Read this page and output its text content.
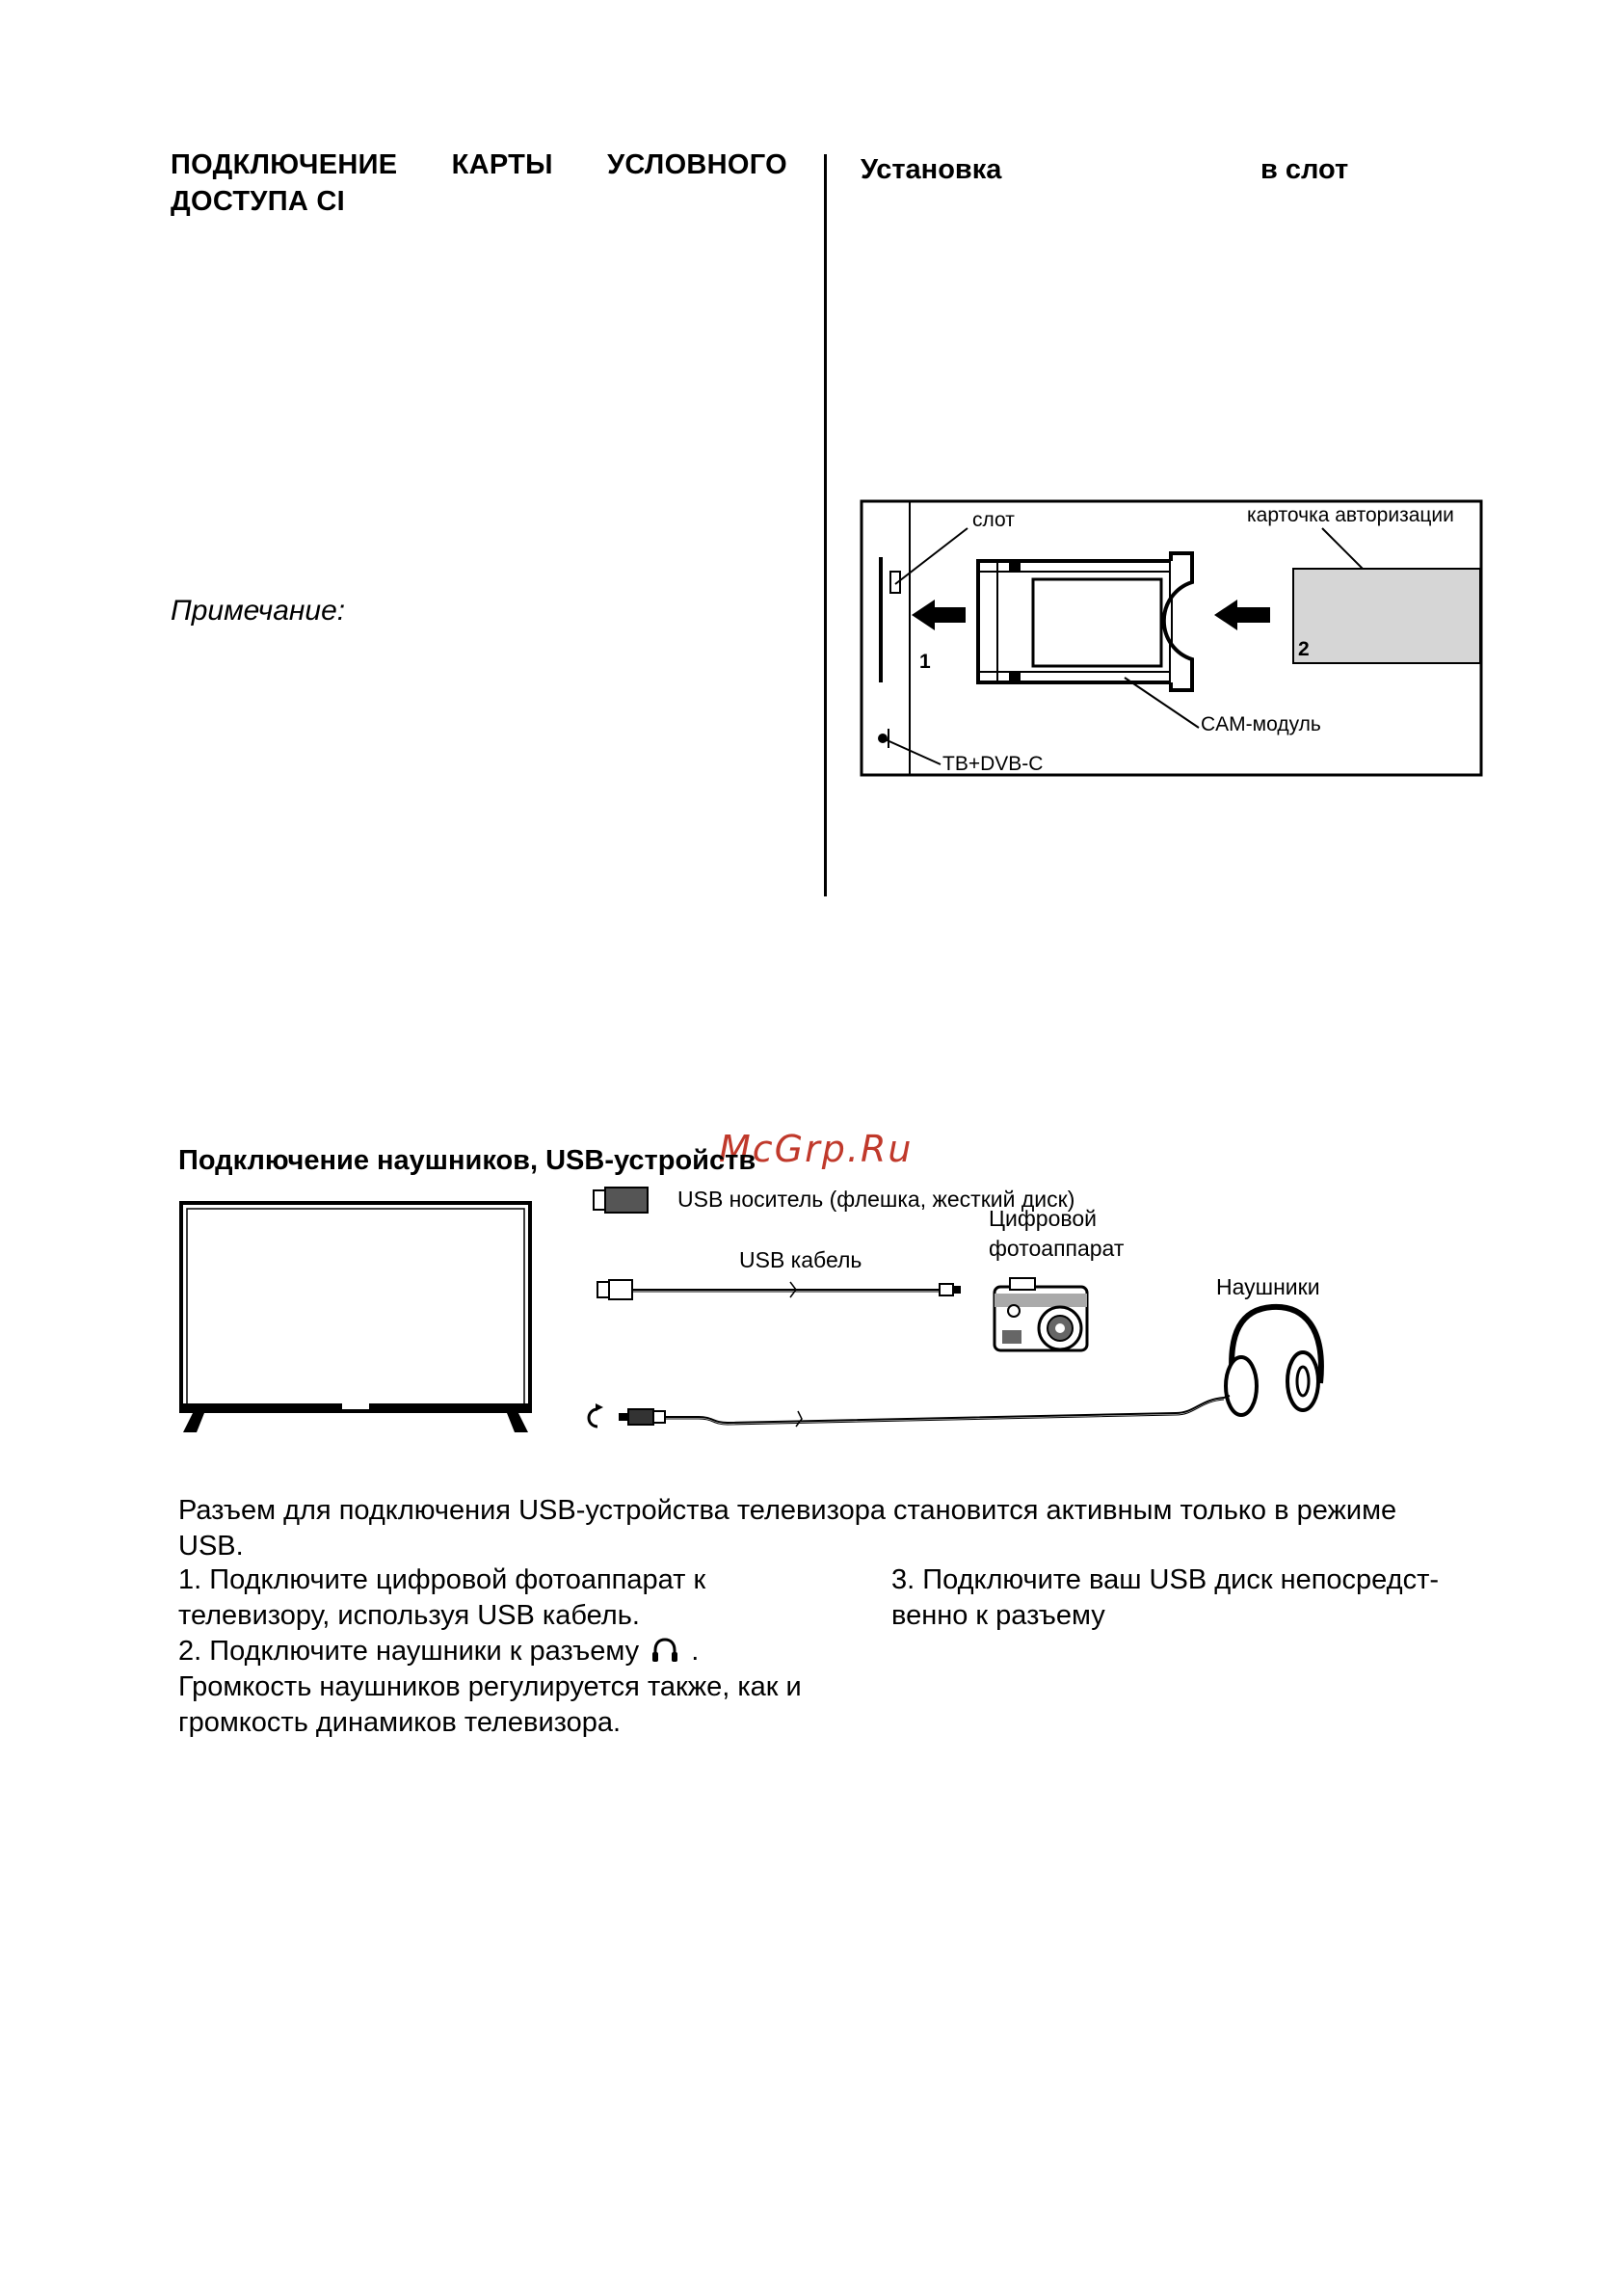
ПОДКЛЮЧЕНИЕ КАРТЫ УСЛОВНОГО
ДОСТУПА CI
Примечание:
Установка	в слот
слот	карточка авторизации
1
2
CAM-модуль
ТВ+DVB-C
McGrp.Ru
Подключение наушников, USB-устройств
USB носитель (флешка, жесткий диск)
USB кабель
Цифровой
фотоаппарат
Наушники
Разъем для подключения USB-устройства телевизора становится активным только в режиме USB.
1. Подключите цифровой фотоаппарат к телевизору, используя USB кабель.
2. Подключите наушники к разъему . Громкость наушников регулируется также, как и громкость динамиков телевизора.
3. Подключите ваш USB диск непосредст- венно к разъему
